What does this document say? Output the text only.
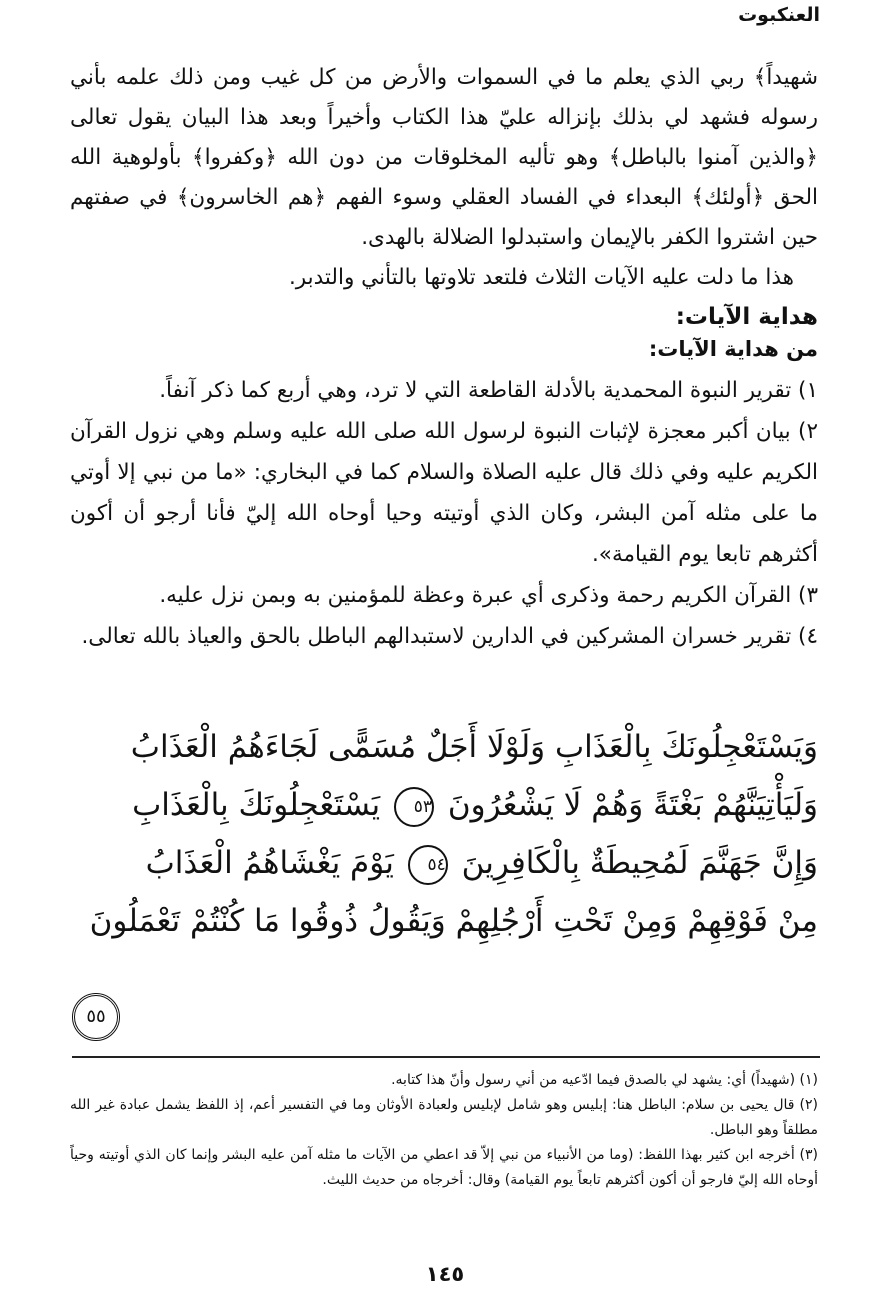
العنكبوت

شهيداً﴾ ربي الذي يعلم ما في السموات والأرض من كل غيب ومن ذلك علمه بأني رسوله فشهد لي بذلك بإنزاله عليّ هذا الكتاب وأخيراً وبعد هذا البيان يقول تعالى ﴿والذين آمنوا بالباطل﴾ وهو تأليه المخلوقات من دون الله ﴿وكفروا﴾ بأولوهية الله الحق ﴿أولئك﴾ البعداء في الفساد العقلي وسوء الفهم ﴿هم الخاسرون﴾ في صفتهم حين اشتروا الكفر بالإيمان واستبدلوا الضلالة بالهدى.

هذا ما دلت عليه الآيات الثلاث فلتعد تلاوتها بالتأني والتدبر.

هداية الآيات:
من هداية الآيات:

١) تقرير النبوة المحمدية بالأدلة القاطعة التي لا ترد، وهي أربع كما ذكر آنفاً.

٢) بيان أكبر معجزة لإثبات النبوة لرسول الله صلى الله عليه وسلم وهي نزول القرآن الكريم عليه وفي ذلك قال عليه الصلاة والسلام كما في البخاري: «ما من نبي إلا أوتي ما على مثله آمن البشر، وكان الذي أوتيته وحيا أوحاه الله إليّ فأنا أرجو أن أكون أكثرهم تابعا يوم القيامة».

٣) القرآن الكريم رحمة وذكرى أي عبرة وعظة للمؤمنين به وبمن نزل عليه.

٤) تقرير خسران المشركين في الدارين لاستبدالهم الباطل بالحق والعياذ بالله تعالى.

وَيَسْتَعْجِلُونَكَ بِالْعَذَابِ وَلَوْلَا أَجَلٌ مُسَمًّى لَجَاءَهُمُ الْعَذَابُ

وَلَيَأْتِيَنَّهُمْ بَغْتَةً وَهُمْ لَا يَشْعُرُونَ ٥٣ يَسْتَعْجِلُونَكَ بِالْعَذَابِ

وَإِنَّ جَهَنَّمَ لَمُحِيطَةٌ بِالْكَافِرِينَ ٥٤ يَوْمَ يَغْشَاهُمُ الْعَذَابُ

مِنْ فَوْقِهِمْ وَمِنْ تَحْتِ أَرْجُلِهِمْ وَيَقُولُ ذُوقُوا مَا كُنْتُمْ تَعْمَلُونَ

٥٥

(١) (شهيداً) أي: يشهد لي بالصدق فيما ادّعيه من أني رسول وأنّ هذا كتابه.

(٢) قال يحيى بن سلام: الباطل هنا: إبليس وهو شامل لإبليس ولعبادة الأوثان وما في التفسير أعم، إذ اللفظ يشمل عبادة غير الله مطلقاً وهو الباطل.

(٣) أخرجه ابن كثير بهذا اللفظ: (وما من الأنبياء من نبي إلاّ قد اعطي من الآيات ما مثله آمن عليه البشر وإنما كان الذي أوتيته وحياً أوحاه الله إليّ فارجو أن أكون أكثرهم تابعاً يوم القيامة) وقال: أخرجاه من حديث الليث.

١٤٥
